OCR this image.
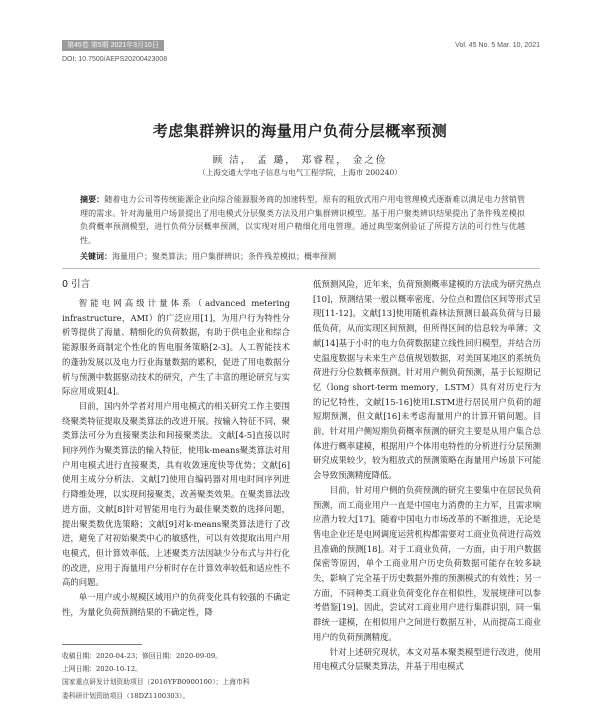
第45卷 第5期 2021年3月10日	Vol. 45 No. 5 Mar. 10, 2021
DOI: 10.7500/AEPS20200423008
考虑集群辨识的海量用户负荷分层概率预测
顾 洁， 孟 璐， 郑睿程， 金之俭
（上海交通大学电子信息与电气工程学院，上海市 200240）
摘要：随着电力公司等传统能源企业向综合能源服务商的加速转型，原有的粗放式用户用电管理模式逐渐难以满足电力营销管理的需求。针对海量用户场景提出了用电模式分层聚类方法及用户集群辨识模型。基于用户聚类辨识结果提出了条件残差模拟负荷概率预测模型，进行负荷分层概率预测，以实现对用户精细化用电管理。通过典型案例验证了所提方法的可行性与优越性。
关键词：海量用户；聚类算法；用户集群辨识；条件残差模拟；概率预测
0 引言

智能电网高级计量体系（advanced metering infrastructure，AMI）的广泛应用[1]，为用户行为特性分析等提供了海量、精细化的负荷数据，有助于供电企业和综合能源服务商制定个性化的售电服务策略[2-3]。人工智能技术的蓬勃发展以及电力行业海量数据的累积，促进了用电数据分析与预测中数据驱动技术的研究，产生了丰富的理论研究与实际应用成果[4]。

目前，国内外学者对用户用电模式的相关研究工作主要围绕聚类特征提取及聚类算法的改进开展。按输入特征不同，聚类算法可分为直接聚类法和间接聚类法。文献[4-5]直接以时间序列作为聚类算法的输入特征，使用k-means聚类算法对用户用电模式进行直接聚类，具有收敛速度快等优势；文献[6]使用主成分分析法、文献[7]使用自编码器对用电时间序列进行降维处理，以实现间接聚类，改善聚类效果。在聚类算法改进方面，文献[8]针对智能用电行为最佳聚类数的选择问题，提出聚类数优选策略；文献[9]对k-means聚类算法进行了改进，避免了对初始聚类中心的敏感性，可以有效提取出用户用电模式，但计算效率低。上述聚类方法因缺少分布式与并行化的改进，应用于海量用户分析时存在计算效率较低和适应性不高的问题。

单一用户或小规模区域用户的负荷变化具有较强的不确定性，为量化负荷预测结果的不确定性，降

低预测风险，近年来，负荷预测概率建模的方法成为研究热点[10]，预测结果一般以概率密度、分位点和置信区间等形式呈现[11-12]。文献[13]使用随机森林法预测日最高负荷与日最低负荷，从而实现区间预测，但所得区间的信息较为单薄；文献[14]基于小时的电力负荷数据建立线性回归模型，并结合历史温度数据与未来生产总值规划数据，对美国某地区的系统负荷进行分位数概率预测。针对用户侧负荷预测，基于长短期记忆（long short-term memory，LSTM）具有对历史行为的记忆特性，文献[15-16]使用LSTM进行居民用户负荷的超短期预测，但文献[16]未考虑海量用户的计算开销问题。目前，针对用户侧短期负荷概率预测的研究主要是从用户集合总体进行概率建模，根据用户个体用电特性的分析进行分层预测研究成果较少，较为粗放式的预测策略在海量用户场景下可能会导致预测精度降低。

目前，针对用户侧的负荷预测的研究主要集中在居民负荷预测，而工商业用户一直是中国电力消费的主力军，且需求响应潜力较大[17]。随着中国电力市场改革的不断推进，无论是售电企业还是电网调度运营机构都需要对工商业负荷进行高效且准确的预测[18]。对于工商业负荷，一方面，由于用户数据保密等原因，单个工商业用户历史负荷数据可能存在较多缺失，影响了完全基于历史数据外推的预测模式的有效性；另一方面，不同种类工商业负荷变化存在相似性，发展规律可以参考借鉴[19]。因此，尝试对工商业用户进行集群识别，同一集群统一建模，在相似用户之间进行数据互补，从而提高工商业用户的负荷预测精度。

针对上述研究现状，本文对基本聚类模型进行改进，使用用电模式分层聚类算法，并基于用电模式

收稿日期：2020-04-23；修回日期：2020-09-09。
上网日期：2020-10-12。
国家重点研发计划资助项目（2016YFB0900100）；上海市科
委科研计划资助项目（18DZ1100303）。
